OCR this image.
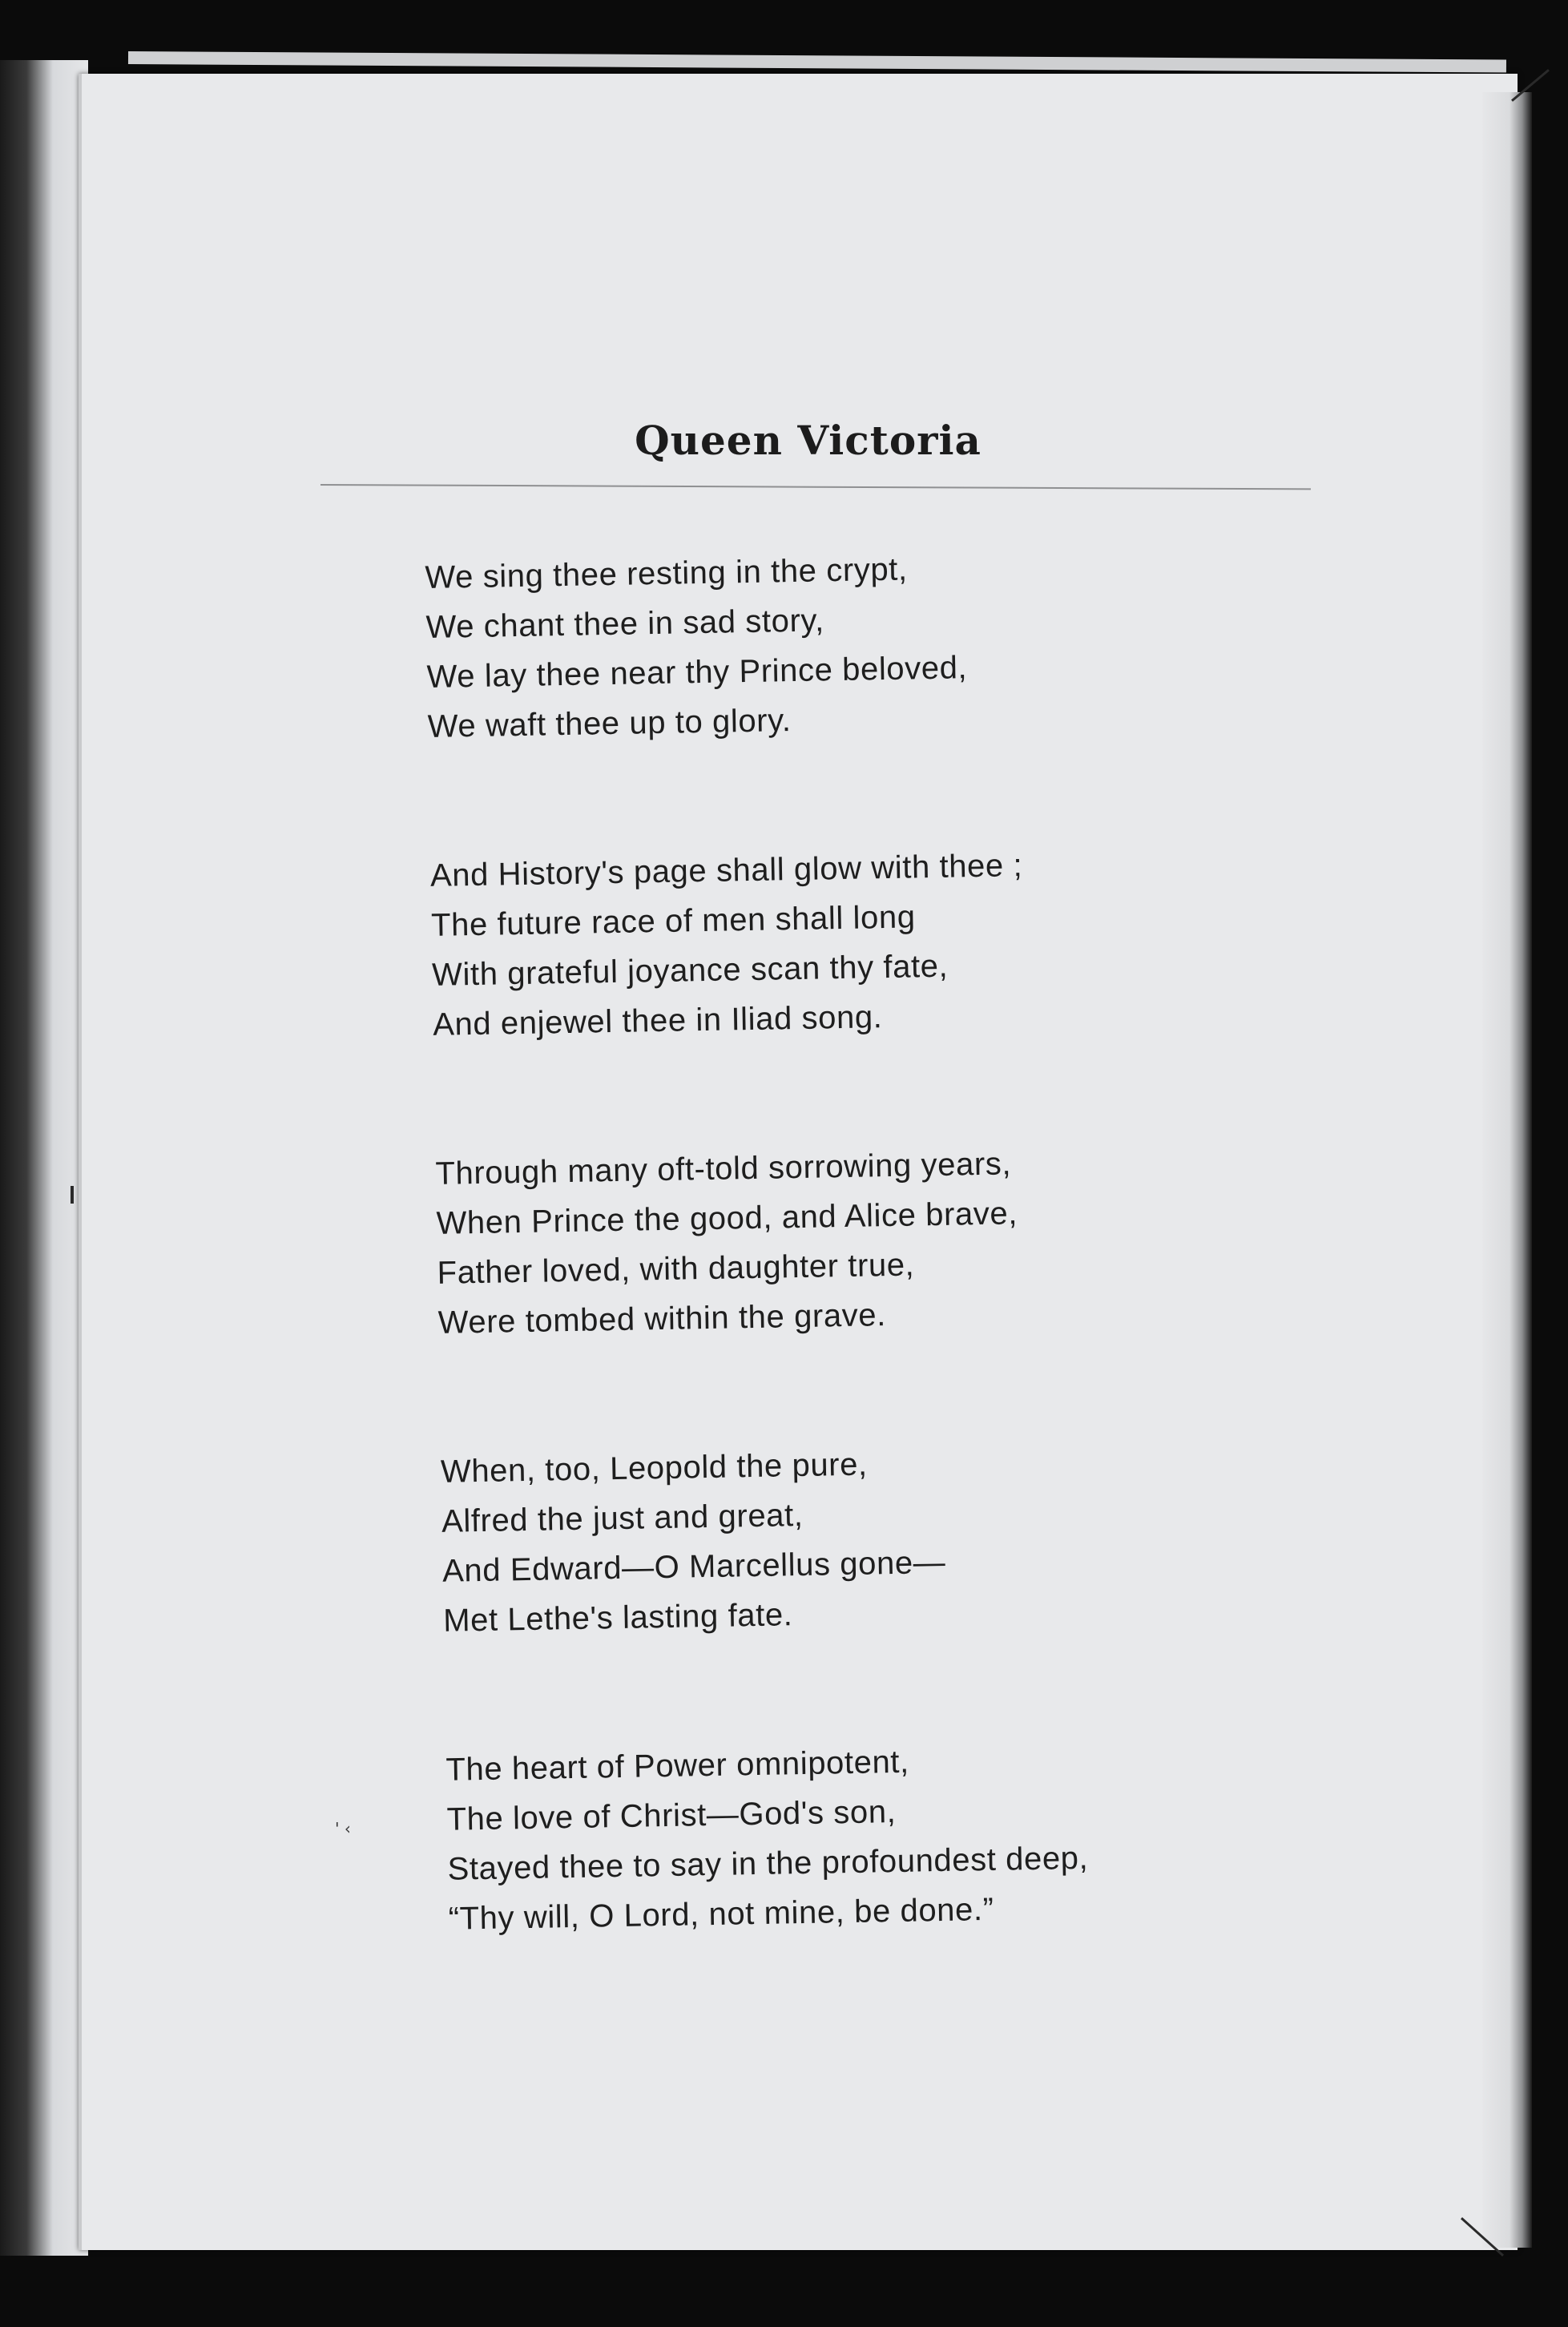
Queen Victoria
We sing thee resting in the crypt,
We chant thee in sad story,
We lay thee near thy Prince beloved,
We waft thee up to glory.
And History's page shall glow with thee ;
The future race of men shall long
With grateful joyance scan thy fate,
And enjewel thee in Iliad song.
Through many oft-told sorrowing years,
When Prince the good, and Alice brave,
Father loved, with daughter true,
Were tombed within the grave.
When, too, Leopold the pure,
Alfred the just and great,
And Edward—O Marcellus gone—
Met Lethe's lasting fate.
The heart of Power omnipotent,
The love of Christ—God's son,
Stayed thee to say in the profoundest deep,
“Thy will, O Lord, not mine, be done.”
' ‹
